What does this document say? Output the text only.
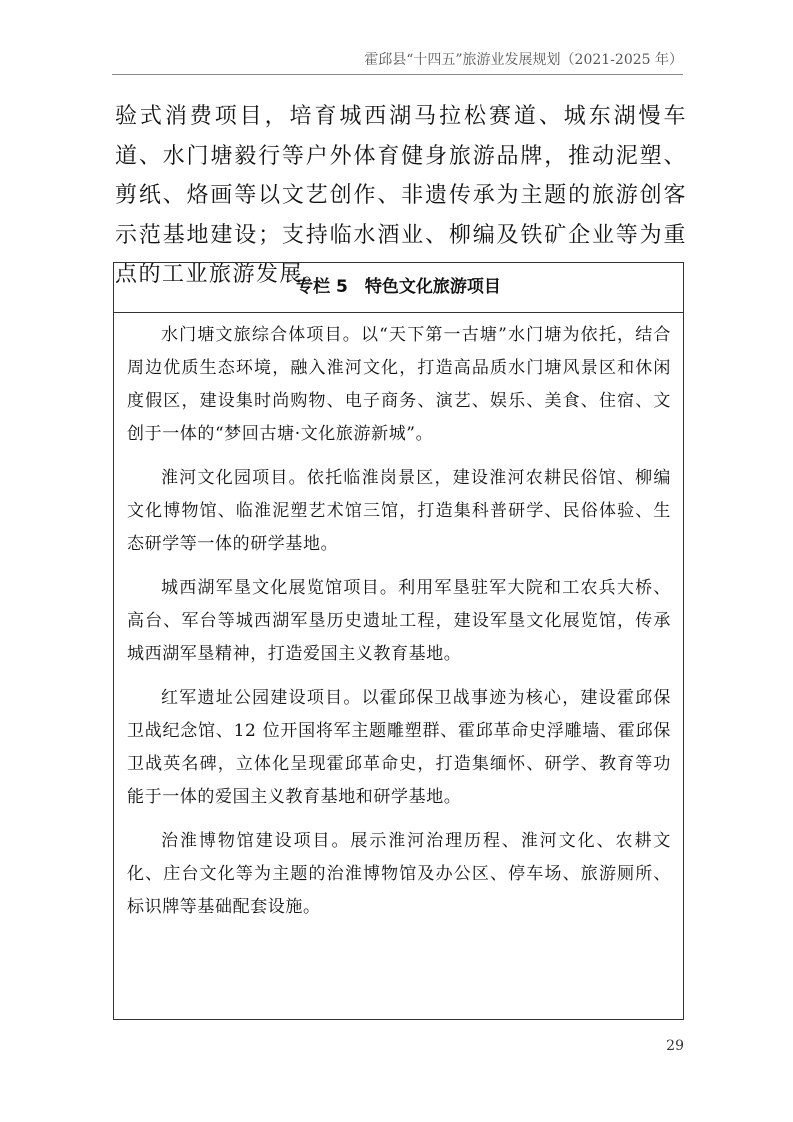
霍邱县“十四五”旅游业发展规划（2021-2025 年）

验式消费项目，培育城西湖马拉松赛道、城东湖慢车道、水门塘毅行等户外体育健身旅游品牌，推动泥塑、剪纸、烙画等以文艺创作、非遗传承为主题的旅游创客示范基地建设；支持临水酒业、柳编及铁矿企业等为重点的工业旅游发展。

专栏 5　特色文化旅游项目

水门塘文旅综合体项目。以“天下第一古塘”水门塘为依托，结合周边优质生态环境，融入淮河文化，打造高品质水门塘风景区和休闲度假区，建设集时尚购物、电子商务、演艺、娱乐、美食、住宿、文创于一体的“梦回古塘·文化旅游新城”。

淮河文化园项目。依托临淮岗景区，建设淮河农耕民俗馆、柳编文化博物馆、临淮泥塑艺术馆三馆，打造集科普研学、民俗体验、生态研学等一体的研学基地。

城西湖军垦文化展览馆项目。利用军垦驻军大院和工农兵大桥、高台、军台等城西湖军垦历史遗址工程，建设军垦文化展览馆，传承城西湖军垦精神，打造爱国主义教育基地。

红军遗址公园建设项目。以霍邱保卫战事迹为核心，建设霍邱保卫战纪念馆、12 位开国将军主题雕塑群、霍邱革命史浮雕墙、霍邱保卫战英名碑，立体化呈现霍邱革命史，打造集缅怀、研学、教育等功能于一体的爱国主义教育基地和研学基地。

治淮博物馆建设项目。展示淮河治理历程、淮河文化、农耕文化、庄台文化等为主题的治淮博物馆及办公区、停车场、旅游厕所、标识牌等基础配套设施。

29
